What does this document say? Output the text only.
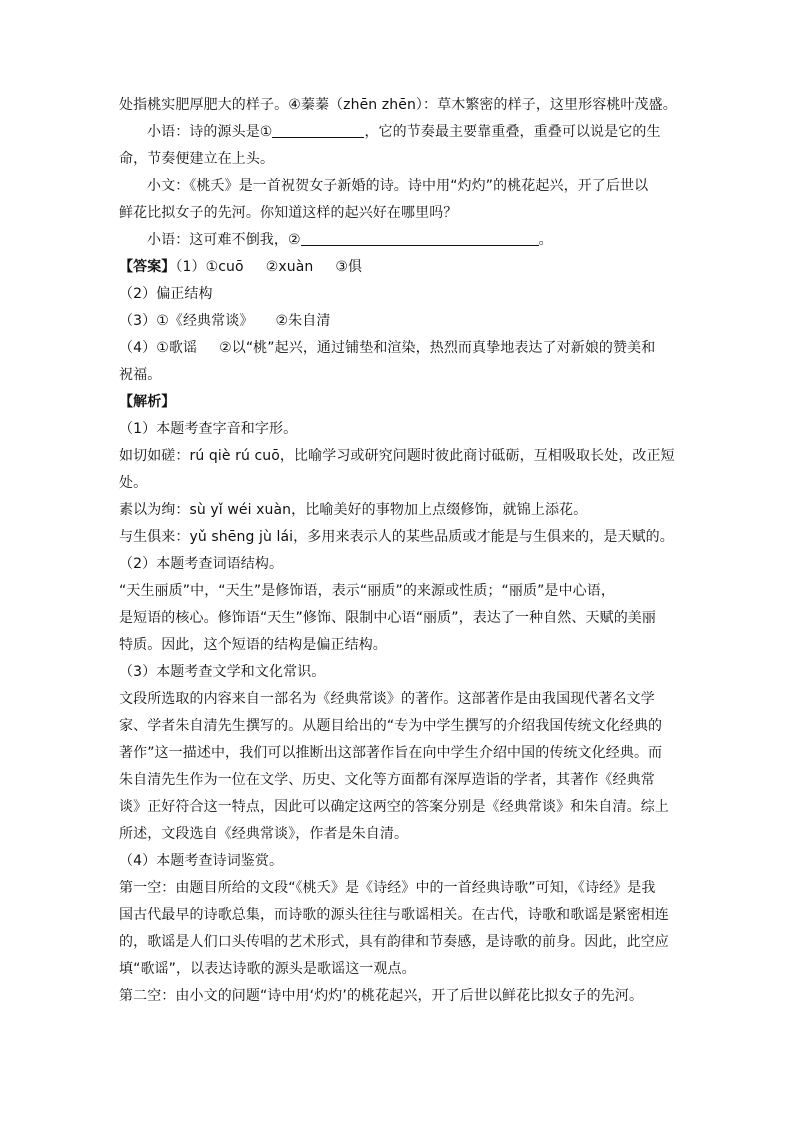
处指桃实肥厚肥大的样子。④蓁蓁（zhēn zhēn）：草木繁密的样子，这里形容桃叶茂盛。
小语：诗的源头是①	，它的节奏最主要靠重叠，重叠可以说是它的生
命，节奏便建立在上头。
小文：《桃夭》是一首祝贺女子新婚的诗。诗中用“灼灼”的桃花起兴，开了后世以
鲜花比拟女子的先河。你知道这样的起兴好在哪里吗？
小语：这可难不倒我，②	。
【答案】（1）①cuō ②xuàn ③俱
（2）偏正结构
（3）①《经典常谈》 ②朱自清
（4）①歌谣 ②以“桃”起兴，通过铺垫和渲染，热烈而真挚地表达了对新娘的赞美和
祝福。
【解析】
（1）本题考查字音和字形。
如切如磋：rú qiè rú cuō，比喻学习或研究问题时彼此商讨砥砺，互相吸取长处，改正短
处。
素以为绚：sù yǐ wéi xuàn，比喻美好的事物加上点缀修饰，就锦上添花。
与生俱来：yǔ shēng jù lái，多用来表示人的某些品质或才能是与生俱来的，是天赋的。
（2）本题考查词语结构。
“天生丽质”中，“天生”是修饰语，表示“丽质”的来源或性质；“丽质”是中心语，
是短语的核心。修饰语“天生”修饰、限制中心语“丽质”，表达了一种自然、天赋的美丽
特质。因此，这个短语的结构是偏正结构。
（3）本题考查文学和文化常识。
文段所选取的内容来自一部名为《经典常谈》的著作。这部著作是由我国现代著名文学
家、学者朱自清先生撰写的。从题目给出的“专为中学生撰写的介绍我国传统文化经典的
著作”这一描述中，我们可以推断出这部著作旨在向中学生介绍中国的传统文化经典。而
朱自清先生作为一位在文学、历史、文化等方面都有深厚造诣的学者，其著作《经典常
谈》正好符合这一特点，因此可以确定这两空的答案分别是《经典常谈》和朱自清。综上
所述，文段选自《经典常谈》，作者是朱自清。
（4）本题考查诗词鉴赏。
第一空：由题目所给的文段“《桃夭》是《诗经》中的一首经典诗歌”可知，《诗经》是我
国古代最早的诗歌总集，而诗歌的源头往往与歌谣相关。在古代，诗歌和歌谣是紧密相连
的，歌谣是人们口头传唱的艺术形式，具有韵律和节奏感，是诗歌的前身。因此，此空应
填“歌谣”，以表达诗歌的源头是歌谣这一观点。
第二空：由小文的问题“诗中用‘灼灼’的桃花起兴，开了后世以鲜花比拟女子的先河。
